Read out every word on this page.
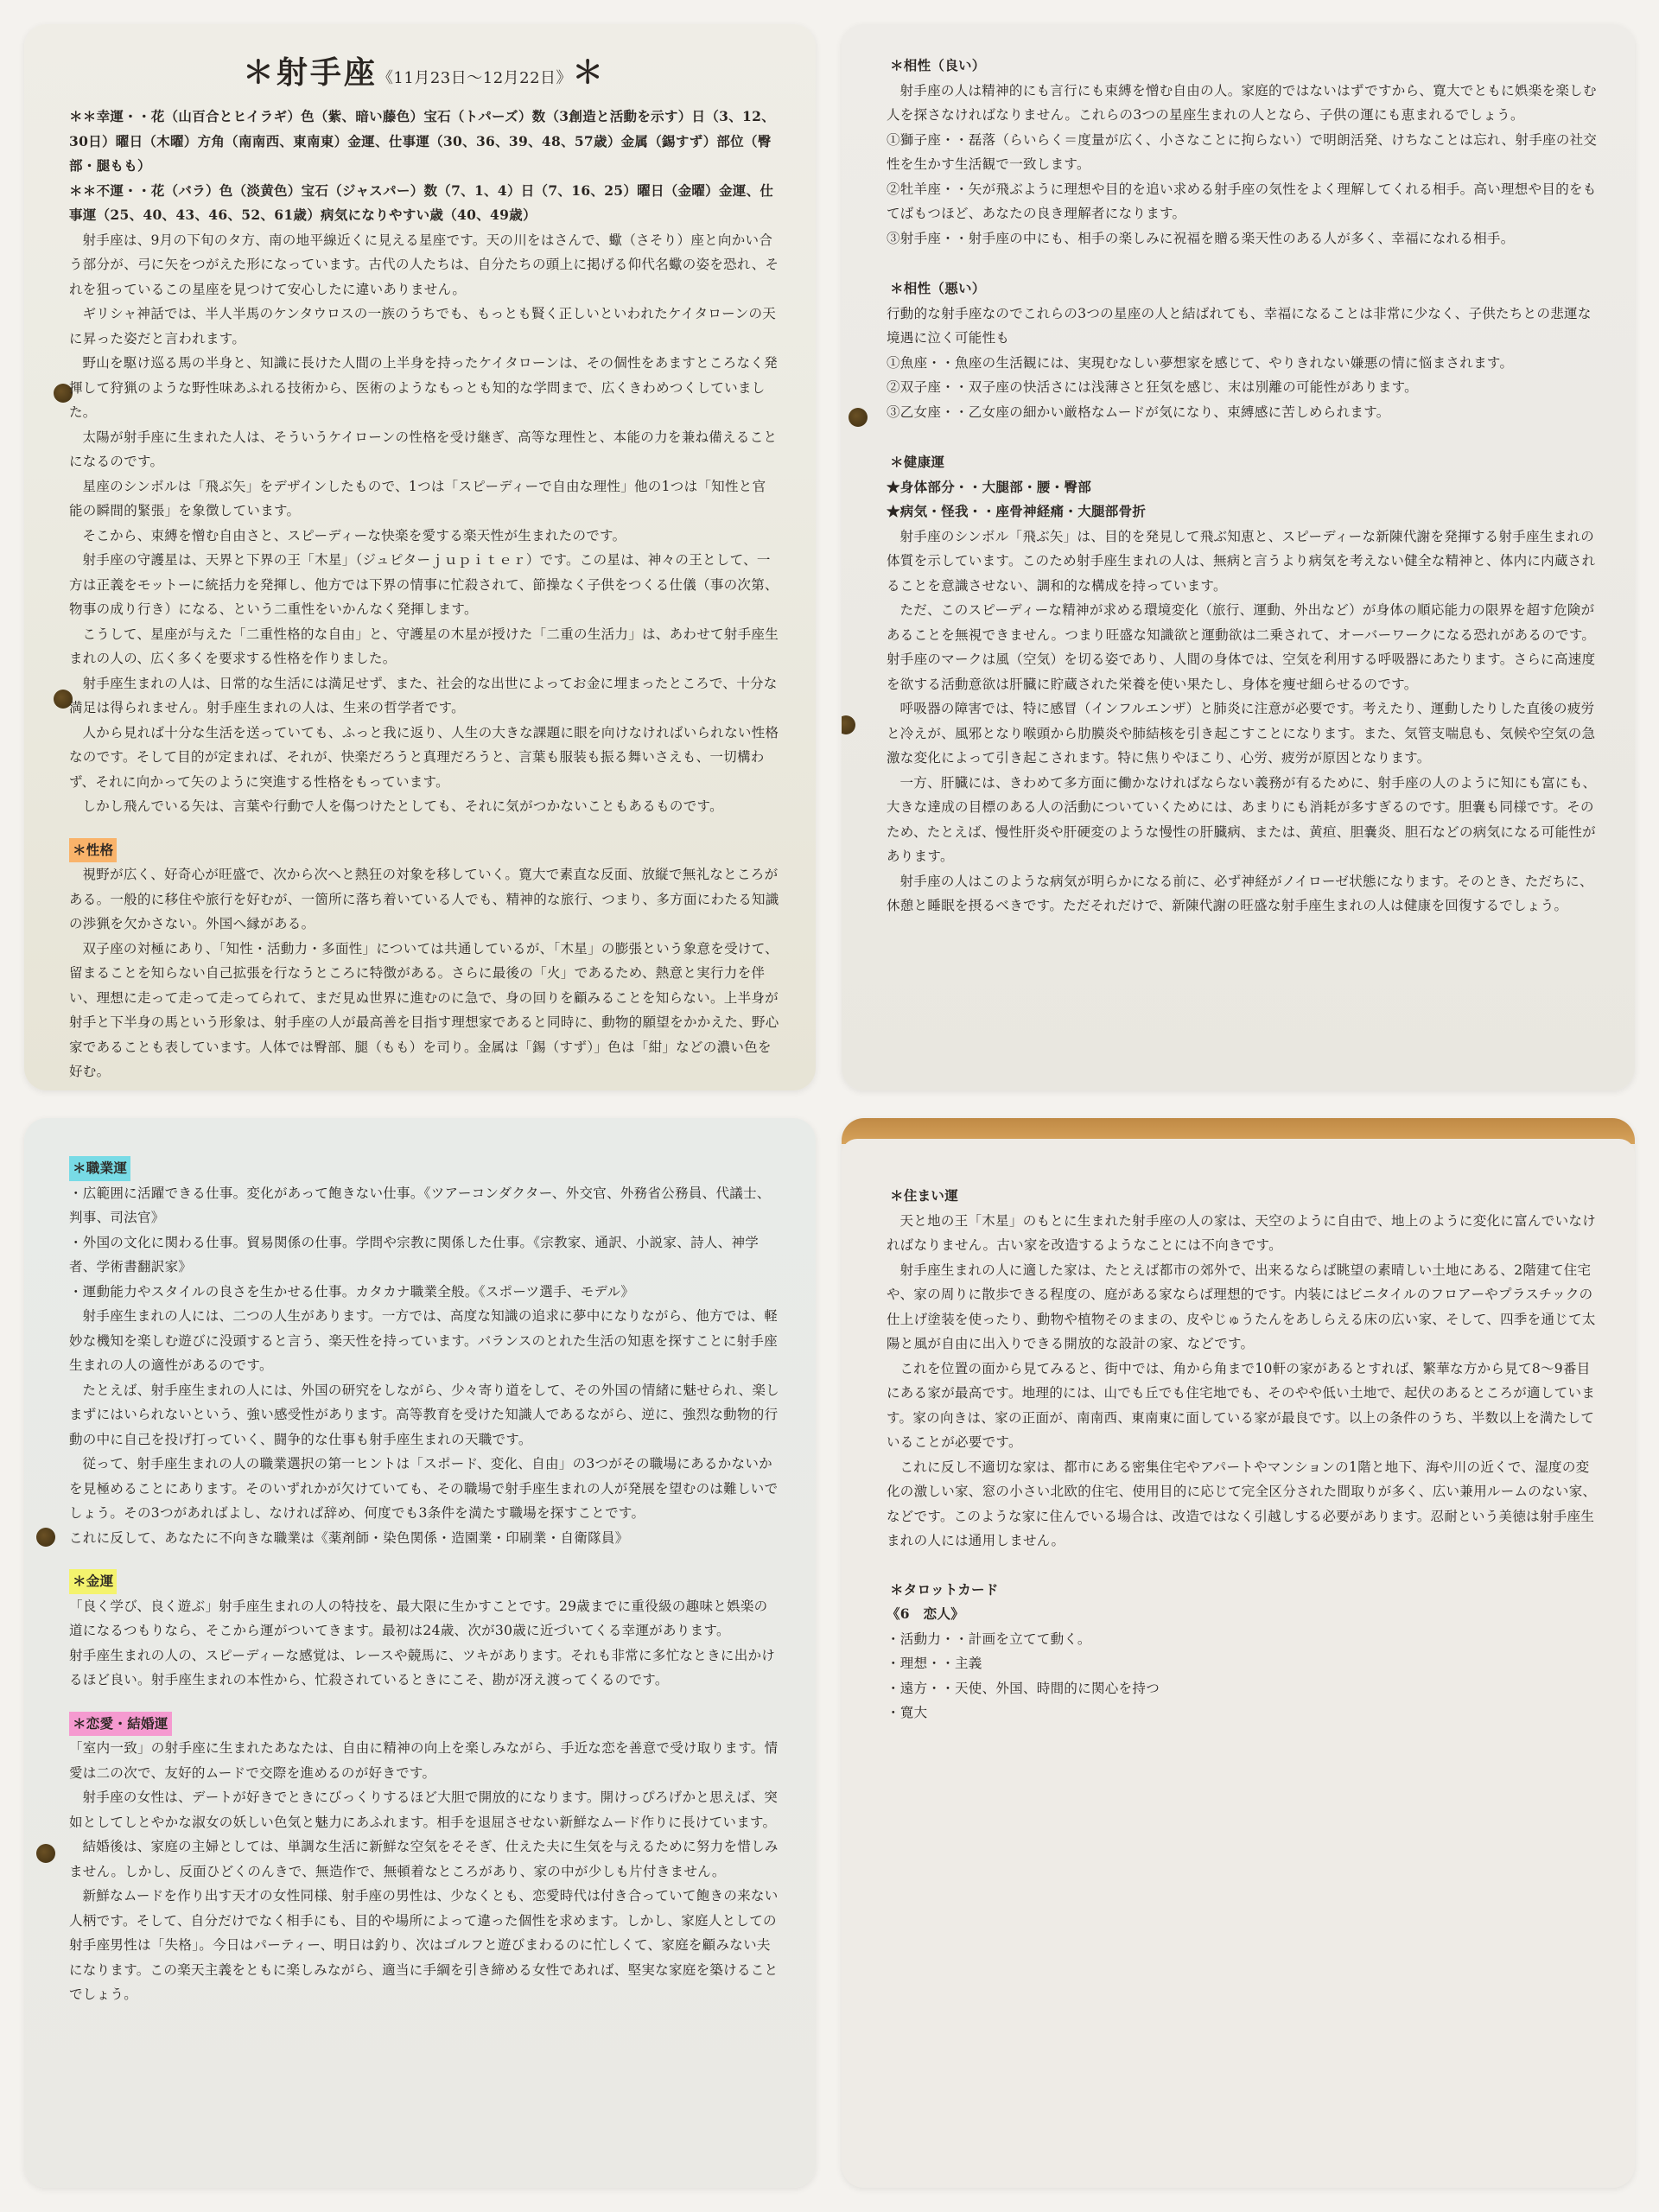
＊射手座《11月23日〜12月22日》＊

＊＊幸運・・花（山百合とヒイラギ）色（紫、暗い藤色）宝石（トパーズ）数（3創造と活動を示す）日（3、12、30日）曜日（木曜）方角（南南西、東南東）金運、仕事運（30、36、39、48、57歳）金属（錫すず）部位（臀部・腿もも）

＊＊不運・・花（バラ）色（淡黄色）宝石（ジャスパー）数（7、1、4）日（7、16、25）曜日（金曜）金運、仕事運（25、40、43、46、52、61歳）病気になりやすい歳（40、49歳）

射手座は、9月の下旬のタ方、南の地平線近くに見える星座です。天の川をはさんで、蠍（さそり）座と向かい合う部分が、弓に矢をつがえた形になっています。古代の人たちは、自分たちの頭上に掲げる仰代名蠍の姿を恐れ、それを狙っているこの星座を見つけて安心したに違いありません。

ギリシャ神話では、半人半馬のケンタウロスの一族のうちでも、もっとも賢く正しいといわれたケイタローンの天に昇った姿だと言われます。

野山を駆け巡る馬の半身と、知識に長けた人間の上半身を持ったケイタローンは、その個性をあますところなく発揮して狩猟のような野性味あふれる技術から、医術のようなもっとも知的な学問まで、広くきわめつくしていました。

太陽が射手座に生まれた人は、そういうケイローンの性格を受け継ぎ、高等な理性と、本能の力を兼ね備えることになるのです。

星座のシンボルは「飛ぶ矢」をデザインしたもので、1つは「スピーディーで自由な理性」他の1つは「知性と官能の瞬間的緊張」を象徴しています。

そこから、束縛を憎む自由さと、スピーディーな快楽を愛する楽天性が生まれたのです。

射手座の守護星は、天界と下界の王「木星」（ジュピターｊｕｐｉｔｅｒ）です。この星は、神々の王として、一方は正義をモットーに統括力を発揮し、他方では下界の情事に忙殺されて、節操なく子供をつくる仕儀（事の次第、物事の成り行き）になる、という二重性をいかんなく発揮します。

こうして、星座が与えた「二重性格的な自由」と、守護星の木星が授けた「二重の生活力」は、あわせて射手座生まれの人の、広く多くを要求する性格を作りました。

射手座生まれの人は、日常的な生活には満足せず、また、社会的な出世によってお金に埋まったところで、十分な満足は得られません。射手座生まれの人は、生来の哲学者です。

人から見れば十分な生活を送っていても、ふっと我に返り、人生の大きな課題に眼を向けなければいられない性格なのです。そして目的が定まれば、それが、快楽だろうと真理だろうと、言葉も服装も振る舞いさえも、一切構わず、それに向かって矢のように突進する性格をもっています。

しかし飛んでいる矢は、言葉や行動で人を傷つけたとしても、それに気がつかないこともあるものです。

＊性格

視野が広く、好奇心が旺盛で、次から次へと熱狂の対象を移していく。寛大で素直な反面、放縦で無礼なところがある。一般的に移住や旅行を好むが、一箇所に落ち着いている人でも、精神的な旅行、つまり、多方面にわたる知識の渉猟を欠かさない。外国へ縁がある。

双子座の対極にあり、「知性・活動力・多面性」については共通しているが、「木星」の膨張という象意を受けて、留まることを知らない自己拡張を行なうところに特徴がある。さらに最後の「火」であるため、熱意と実行力を伴い、理想に走って走って走ってられて、まだ見ぬ世界に進むのに急で、身の回りを顧みることを知らない。上半身が射手と下半身の馬という形象は、射手座の人が最高善を目指す理想家であると同時に、動物的願望をかかえた、野心家であることも表しています。人体では臀部、腿（もも）を司り。金属は「錫（すず）」色は「紺」などの濃い色を好む。

＊相性（良い）

射手座の人は精神的にも言行にも束縛を憎む自由の人。家庭的ではないはずですから、寛大でともに娯楽を楽しむ人を探さなければなりません。これらの3つの星座生まれの人となら、子供の運にも恵まれるでしょう。

①獅子座・・磊落（らいらく＝度量が広く、小さなことに拘らない）で明朗活発、けちなことは忘れ、射手座の社交性を生かす生活観で一致します。

②牡羊座・・矢が飛ぶように理想や目的を追い求める射手座の気性をよく理解してくれる相手。高い理想や目的をもてばもつほど、あなたの良き理解者になります。

③射手座・・射手座の中にも、相手の楽しみに祝福を贈る楽天性のある人が多く、幸福になれる相手。

＊相性（悪い）

行動的な射手座なのでこれらの3つの星座の人と結ばれても、幸福になることは非常に少なく、子供たちとの悲運な境遇に泣く可能性も

①魚座・・魚座の生活観には、実現むなしい夢想家を感じて、やりきれない嫌悪の情に悩まされます。

②双子座・・双子座の快活さには浅薄さと狂気を感じ、末は別離の可能性があります。

③乙女座・・乙女座の細かい厳格なムードが気になり、束縛感に苦しめられます。

＊健康運

★身体部分・・大腿部・腰・臀部

★病気・怪我・・座骨神経痛・大腿部骨折

射手座のシンボル「飛ぶ矢」は、目的を発見して飛ぶ知恵と、スピーディーな新陳代謝を発揮する射手座生まれの体質を示しています。このため射手座生まれの人は、無病と言うより病気を考えない健全な精神と、体内に内蔵されることを意識させない、調和的な構成を持っています。

ただ、このスピーディーな精神が求める環境変化（旅行、運動、外出など）が身体の順応能力の限界を超す危険があることを無視できません。つまり旺盛な知識欲と運動欲は二乗されて、オーバーワークになる恐れがあるのです。射手座のマークは風（空気）を切る姿であり、人間の身体では、空気を利用する呼吸器にあたります。さらに高速度を欲する活動意欲は肝臓に貯蔵された栄養を使い果たし、身体を痩せ細らせるのです。

呼吸器の障害では、特に感冒（インフルエンザ）と肺炎に注意が必要です。考えたり、運動したりした直後の疲労と冷えが、風邪となり喉頭から肋膜炎や肺結核を引き起こすことになります。また、気管支喘息も、気候や空気の急激な変化によって引き起こされます。特に焦りやほこり、心労、疲労が原因となります。

一方、肝臓には、きわめて多方面に働かなければならない義務が有るために、射手座の人のように知にも富にも、大きな達成の目標のある人の活動についていくためには、あまりにも消耗が多すぎるのです。胆嚢も同様です。そのため、たとえば、慢性肝炎や肝硬変のような慢性の肝臓病、または、黄疸、胆嚢炎、胆石などの病気になる可能性があります。

射手座の人はこのような病気が明らかになる前に、必ず神経がノイローゼ状態になります。そのとき、ただちに、休憩と睡眠を摂るべきです。ただそれだけで、新陳代謝の旺盛な射手座生まれの人は健康を回復するでしょう。

＊職業運

・広範囲に活躍できる仕事。変化があって飽きない仕事。《ツアーコンダクター、外交官、外務省公務員、代議士、判事、司法官》

・外国の文化に関わる仕事。貿易関係の仕事。学問や宗教に関係した仕事。《宗教家、通訳、小説家、詩人、神学者、学術書翻訳家》

・運動能力やスタイルの良さを生かせる仕事。カタカナ職業全般。《スポーツ選手、モデル》

射手座生まれの人には、二つの人生があります。一方では、高度な知識の追求に夢中になりながら、他方では、軽妙な機知を楽しむ遊びに没頭すると言う、楽天性を持っています。バランスのとれた生活の知恵を探すことに射手座生まれの人の適性があるのです。

たとえば、射手座生まれの人には、外国の研究をしながら、少々寄り道をして、その外国の情緒に魅せられ、楽しまずにはいられないという、強い感受性があります。高等教育を受けた知識人であるながら、逆に、強烈な動物的行動の中に自己を投げ打っていく、闘争的な仕事も射手座生まれの天職です。

従って、射手座生まれの人の職業選択の第一ヒントは「スポード、変化、自由」の3つがその職場にあるかないかを見極めることにあります。そのいずれかが欠けていても、その職場で射手座生まれの人が発展を望むのは難しいでしょう。その3つがあればよし、なければ辞め、何度でも3条件を満たす職場を探すことです。

これに反して、あなたに不向きな職業は《薬剤師・染色関係・造園業・印刷業・自衛隊員》

＊金運

「良く学び、良く遊ぶ」射手座生まれの人の特技を、最大限に生かすことです。29歳までに重役級の趣味と娯楽の道になるつもりなら、そこから運がついてきます。最初は24歳、次が30歳に近づいてくる幸運があります。

射手座生まれの人の、スピーディーな感覚は、レースや競馬に、ツキがあります。それも非常に多忙なときに出かけるほど良い。射手座生まれの本性から、忙殺されているときにこそ、勘が冴え渡ってくるのです。

＊恋愛・結婚運

「室内一致」の射手座に生まれたあなたは、自由に精神の向上を楽しみながら、手近な恋を善意で受け取ります。情愛は二の次で、友好的ムードで交際を進めるのが好きです。

射手座の女性は、デートが好きでときにびっくりするほど大胆で開放的になります。開けっぴろげかと思えば、突如としてしとやかな淑女の妖しい色気と魅力にあふれます。相手を退屈させない新鮮なムード作りに長けています。

結婚後は、家庭の主婦としては、単調な生活に新鮮な空気をそそぎ、仕えた夫に生気を与えるために努力を惜しみません。しかし、反面ひどくのんきで、無造作で、無頓着なところがあり、家の中が少しも片付きません。

新鮮なムードを作り出す天才の女性同様、射手座の男性は、少なくとも、恋愛時代は付き合っていて飽きの来ない人柄です。そして、自分だけでなく相手にも、目的や場所によって違った個性を求めます。しかし、家庭人としての射手座男性は「失格」。今日はパーティー、明日は釣り、次はゴルフと遊びまわるのに忙しくて、家庭を顧みない夫になります。この楽天主義をともに楽しみながら、適当に手綱を引き締める女性であれば、堅実な家庭を築けることでしょう。

＊住まい運

天と地の王「木星」のもとに生まれた射手座の人の家は、天空のように自由で、地上のように変化に富んでいなければなりません。古い家を改造するようなことには不向きです。

射手座生まれの人に適した家は、たとえば都市の郊外で、出来るならば眺望の素晴しい土地にある、2階建て住宅や、家の周りに散歩できる程度の、庭がある家ならば理想的です。内装にはビニタイルのフロアーやプラスチックの仕上げ塗装を使ったり、動物や植物そのままの、皮やじゅうたんをあしらえる床の広い家、そして、四季を通じて太陽と風が自由に出入りできる開放的な設計の家、などです。

これを位置の面から見てみると、街中では、角から角まで10軒の家があるとすれば、繁華な方から見て8〜9番目にある家が最高です。地理的には、山でも丘でも住宅地でも、そのやや低い土地で、起伏のあるところが適しています。家の向きは、家の正面が、南南西、東南東に面している家が最良です。以上の条件のうち、半数以上を満たしていることが必要です。

これに反し不適切な家は、都市にある密集住宅やアパートやマンションの1階と地下、海や川の近くで、湿度の変化の激しい家、窓の小さい北欧的住宅、使用目的に応じて完全区分された間取りが多く、広い兼用ルームのない家、などです。このような家に住んでいる場合は、改造ではなく引越しする必要があります。忍耐という美徳は射手座生まれの人には通用しません。

＊タロットカード

《6　恋人》

・活動力・・計画を立てて動く。

・理想・・主義

・遠方・・天使、外国、時間的に関心を持つ

・寛大
